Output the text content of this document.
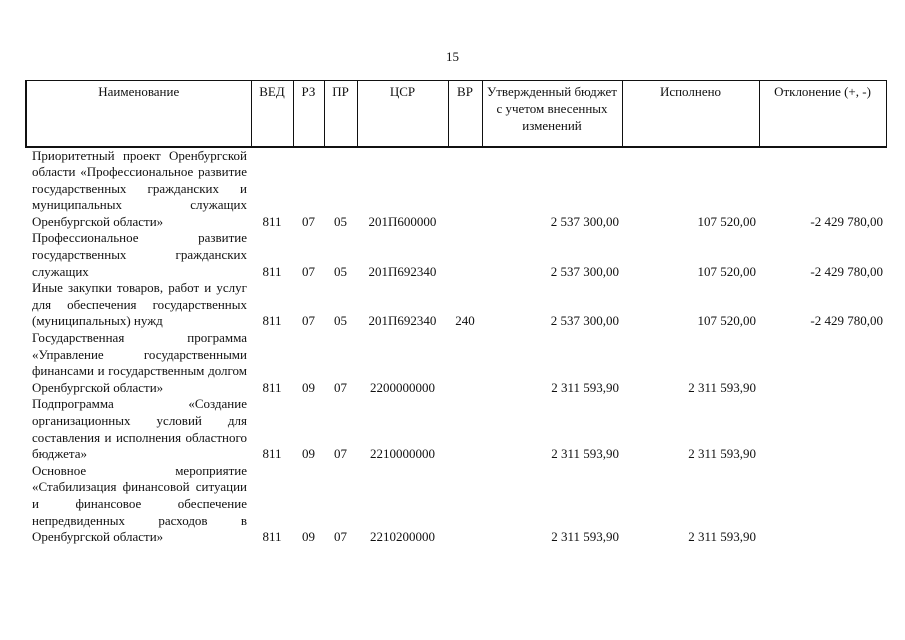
15
Наименование	ВЕД	РЗ	ПР	ЦСР	ВР	Утвержденный бюджет с учетом внесенных изменений	Исполнено	Отклонение (+, -)
Приоритетный проект Оренбургской области «Профессиональное развитие государственных гражданских и муниципальных служащих Оренбургской области»	811	07	05	201П600000		2 537 300,00	107 520,00	-2 429 780,00
Профессиональное развитие государственных гражданских служащих	811	07	05	201П692340		2 537 300,00	107 520,00	-2 429 780,00
Иные закупки товаров, работ и услуг для обеспечения государственных (муниципальных) нужд	811	07	05	201П692340	240	2 537 300,00	107 520,00	-2 429 780,00
Государственная программа «Управление государственными финансами и государственным долгом Оренбургской области»	811	09	07	2200000000		2 311 593,90	2 311 593,90	
Подпрограмма «Создание организационных условий для составления и исполнения областного бюджета»	811	09	07	2210000000		2 311 593,90	2 311 593,90	
Основное мероприятие «Стабилизация финансовой ситуации и финансовое обеспечение непредвиденных расходов в Оренбургской области»	811	09	07	2210200000		2 311 593,90	2 311 593,90	
